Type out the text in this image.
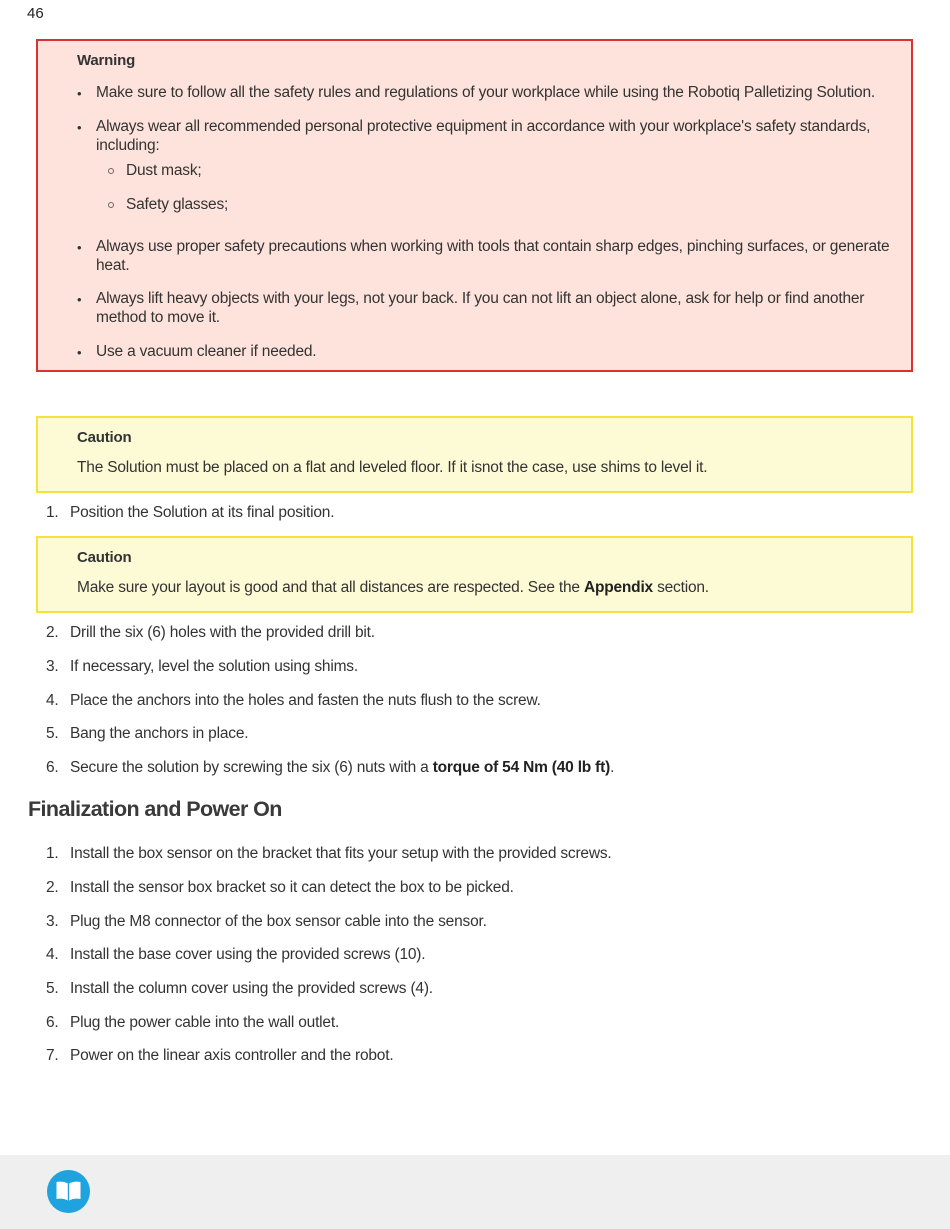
46
Warning
• Make sure to follow all the safety rules and regulations of your workplace while using the Robotiq Palletizing Solution.
• Always wear all recommended personal protective equipment in accordance with your workplace's safety standards, including:
Dust mask;
Safety glasses;
• Always use proper safety precautions when working with tools that contain sharp edges, pinching surfaces, or generate heat.
• Always lift heavy objects with your legs, not your back. If you can not lift an object alone, ask for help or find another method to move it.
• Use a vacuum cleaner if needed.
Caution
The Solution must be placed on a flat and leveled floor. If it isnot the case, use shims to level it.
1. Position the Solution at its final position.
Caution
Make sure your layout is good and that all distances are respected. See the Appendix section.
2. Drill the six (6) holes with the provided drill bit.
3. If necessary, level the solution using shims.
4. Place the anchors into the holes and fasten the nuts flush to the screw.
5. Bang the anchors in place.
6. Secure the solution by screwing the six (6) nuts with a torque of 54 Nm (40 lb ft).
Finalization and Power On
1. Install the box sensor on the bracket that fits your setup with the provided screws.
2. Install the sensor box bracket so it can detect the box to be picked.
3. Plug the M8 connector of the box sensor cable into the sensor.
4. Install the base cover using the provided screws (10).
5. Install the column cover using the provided screws (4).
6. Plug the power cable into the wall outlet.
7. Power on the linear axis controller and the robot.
